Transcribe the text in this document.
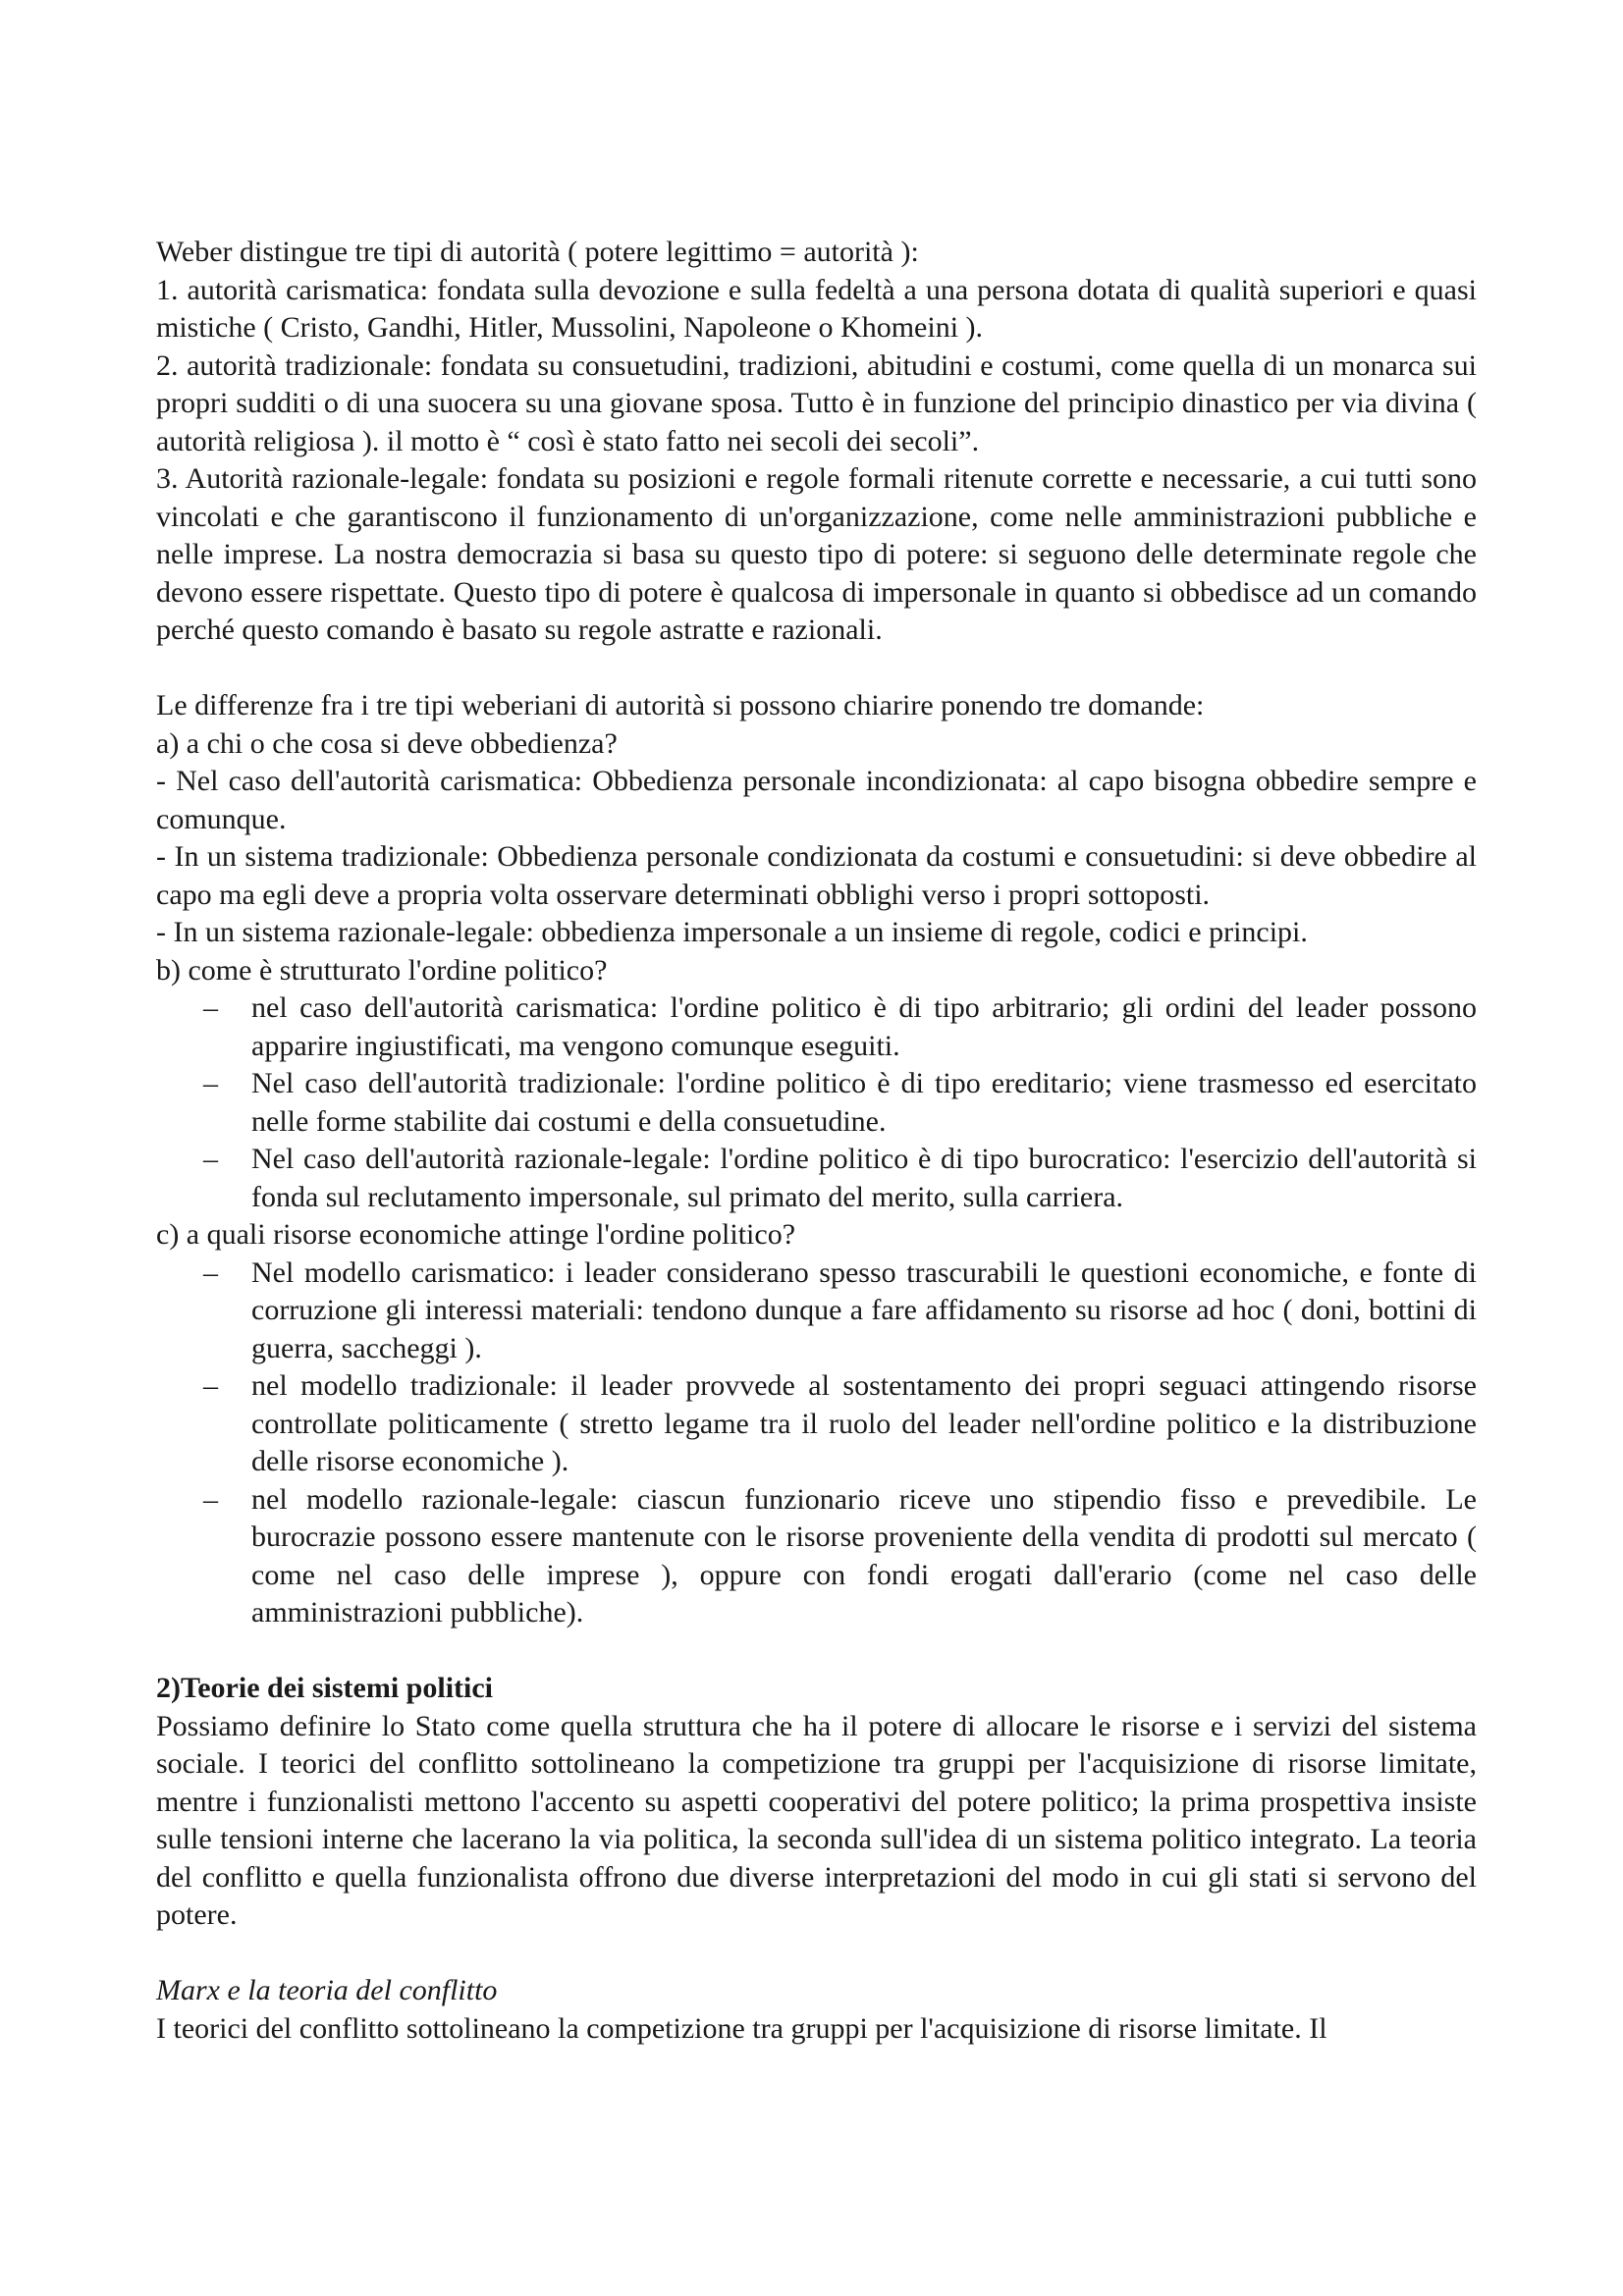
Weber distingue tre tipi di autorità ( potere legittimo = autorità ):

1. autorità carismatica: fondata sulla devozione e sulla fedeltà a una persona dotata di qualità superiori e quasi mistiche ( Cristo, Gandhi, Hitler, Mussolini, Napoleone o Khomeini ).

2. autorità tradizionale: fondata su consuetudini, tradizioni, abitudini e costumi, come quella di un monarca sui propri sudditi o di una suocera su una giovane sposa. Tutto è in funzione del principio dinastico per via divina ( autorità religiosa ). il motto è “ così è stato fatto nei secoli dei secoli”.

3. Autorità razionale-legale: fondata su posizioni e regole formali ritenute corrette e necessarie, a cui tutti sono vincolati e che garantiscono il funzionamento di un'organizzazione, come nelle amministrazioni pubbliche e nelle imprese. La nostra democrazia si basa su questo tipo di potere: si seguono delle determinate regole che devono essere rispettate. Questo tipo di potere è qualcosa di impersonale in quanto si obbedisce ad un comando perché questo comando è basato su regole astratte e razionali.

Le differenze fra i tre tipi weberiani di autorità si possono chiarire ponendo tre domande:

a) a chi o che cosa si deve obbedienza?

- Nel caso dell'autorità carismatica: Obbedienza personale incondizionata: al capo bisogna obbedire sempre e comunque.

- In un sistema tradizionale: Obbedienza personale condizionata da costumi e consuetudini: si deve obbedire al capo ma egli deve a propria volta osservare determinati obblighi verso i propri sottoposti.

- In un sistema razionale-legale: obbedienza impersonale a un insieme di regole, codici e principi.

b) come è strutturato l'ordine politico?

– nel caso dell'autorità carismatica: l'ordine politico è di tipo arbitrario; gli ordini del leader possono apparire ingiustificati, ma vengono comunque eseguiti.
– Nel caso dell'autorità tradizionale: l'ordine politico è di tipo ereditario; viene trasmesso ed esercitato nelle forme stabilite dai costumi e della consuetudine.
– Nel caso dell'autorità razionale-legale: l'ordine politico è di tipo burocratico: l'esercizio dell'autorità si fonda sul reclutamento impersonale, sul primato del merito, sulla carriera.

c) a quali risorse economiche attinge l'ordine politico?

– Nel modello carismatico: i leader considerano spesso trascurabili le questioni economiche, e fonte di corruzione gli interessi materiali: tendono dunque a fare affidamento su risorse ad hoc ( doni, bottini di guerra, saccheggi ).
– nel modello tradizionale: il leader provvede al sostentamento dei propri seguaci attingendo risorse controllate politicamente ( stretto legame tra il ruolo del leader nell'ordine politico e la distribuzione delle risorse economiche ).
– nel modello razionale-legale: ciascun funzionario riceve uno stipendio fisso e prevedibile. Le burocrazie possono essere mantenute con le risorse proveniente della vendita di prodotti sul mercato ( come nel caso delle imprese ), oppure con fondi erogati dall'erario (come nel caso delle amministrazioni pubbliche).

2)Teorie dei sistemi politici

Possiamo definire lo Stato come quella struttura che ha il potere di allocare le risorse e i servizi del sistema sociale. I teorici del conflitto sottolineano la competizione tra gruppi per l'acquisizione di risorse limitate, mentre i funzionalisti mettono l'accento su aspetti cooperativi del potere politico; la prima prospettiva insiste sulle tensioni interne che lacerano la via politica, la seconda sull'idea di un sistema politico integrato. La teoria del conflitto e quella funzionalista offrono due diverse interpretazioni del modo in cui gli stati si servono del potere.

Marx e la teoria del conflitto

I teorici del conflitto sottolineano la competizione tra gruppi per l'acquisizione di risorse limitate. Il
